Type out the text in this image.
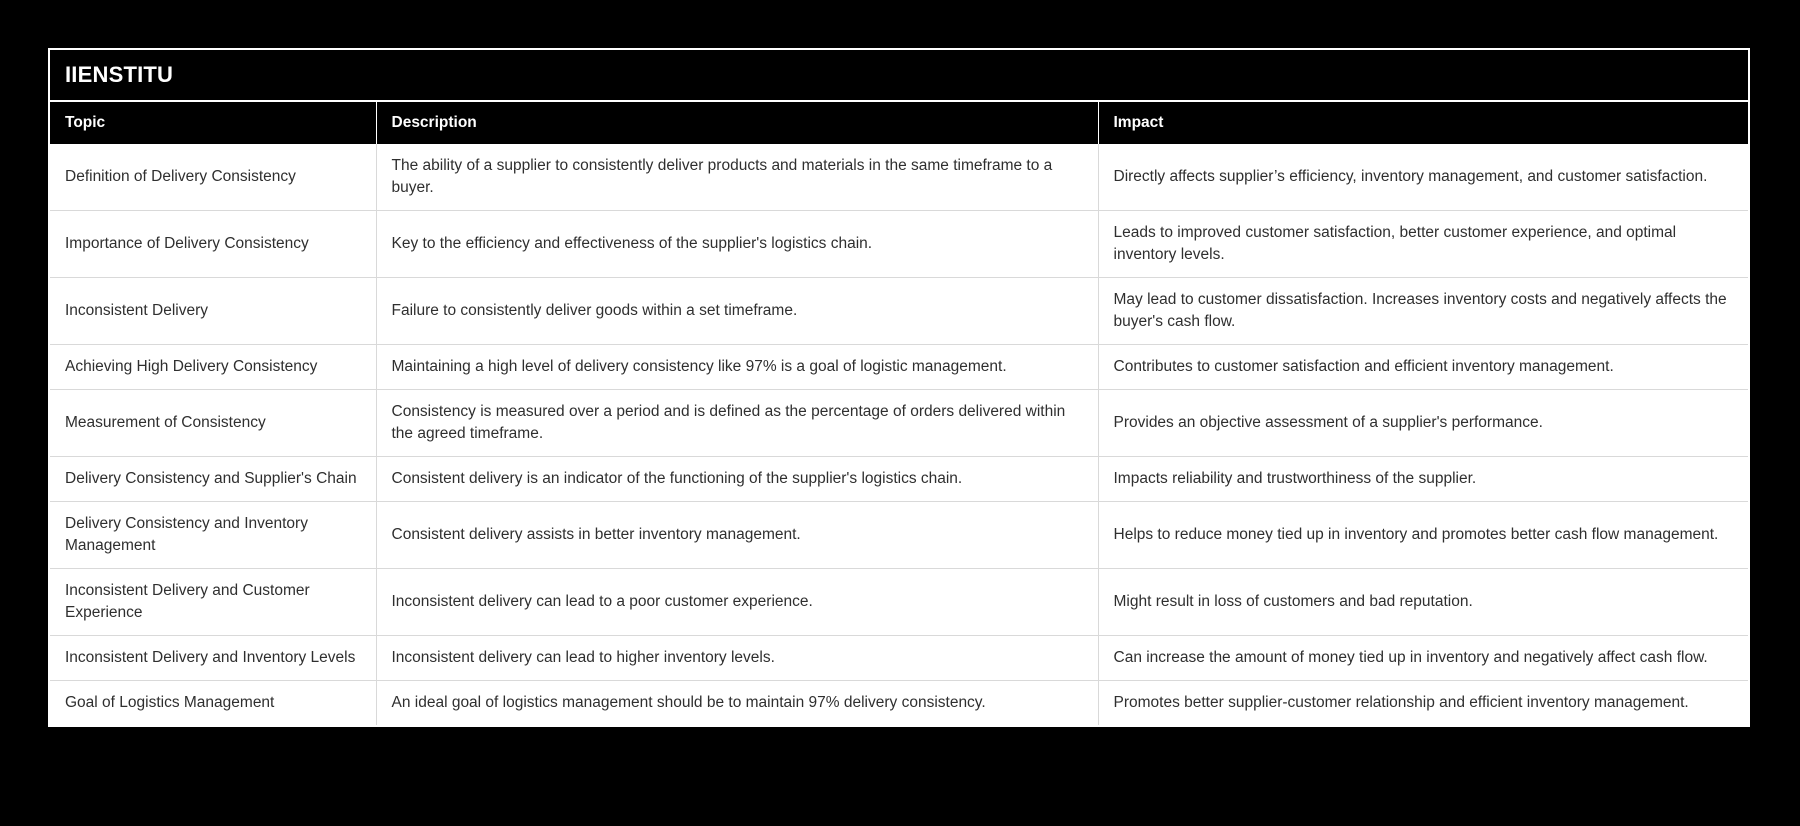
IIENSTITU
Topic	Description	Impact
Definition of Delivery Consistency	The ability of a supplier to consistently deliver products and materials in the same timeframe to a buyer.	Directly affects supplier’s efficiency, inventory management, and customer satisfaction.
Importance of Delivery Consistency	Key to the efficiency and effectiveness of the supplier's logistics chain.	Leads to improved customer satisfaction, better customer experience, and optimal inventory levels.
Inconsistent Delivery	Failure to consistently deliver goods within a set timeframe.	May lead to customer dissatisfaction. Increases inventory costs and negatively affects the buyer's cash flow.
Achieving High Delivery Consistency	Maintaining a high level of delivery consistency like 97% is a goal of logistic management.	Contributes to customer satisfaction and efficient inventory management.
Measurement of Consistency	Consistency is measured over a period and is defined as the percentage of orders delivered within the agreed timeframe.	Provides an objective assessment of a supplier's performance.
Delivery Consistency and Supplier's Chain	Consistent delivery is an indicator of the functioning of the supplier's logistics chain.	Impacts reliability and trustworthiness of the supplier.
Delivery Consistency and Inventory Management	Consistent delivery assists in better inventory management.	Helps to reduce money tied up in inventory and promotes better cash flow management.
Inconsistent Delivery and Customer Experience	Inconsistent delivery can lead to a poor customer experience.	Might result in loss of customers and bad reputation.
Inconsistent Delivery and Inventory Levels	Inconsistent delivery can lead to higher inventory levels.	Can increase the amount of money tied up in inventory and negatively affect cash flow.
Goal of Logistics Management	An ideal goal of logistics management should be to maintain 97% delivery consistency.	Promotes better supplier-customer relationship and efficient inventory management.
